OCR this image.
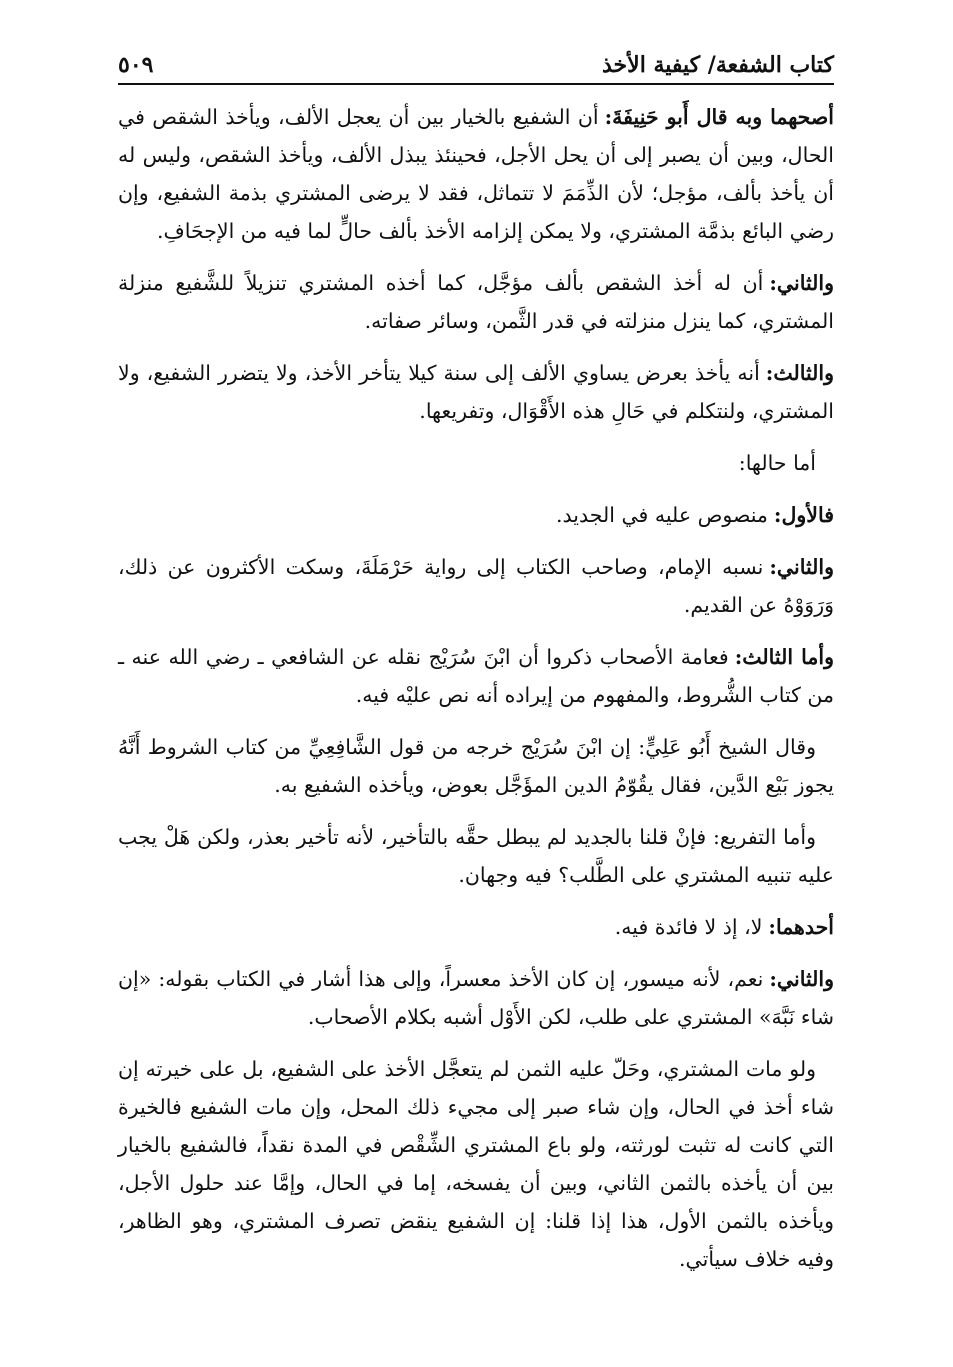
كتاب الشفعة/ كيفية الأخذ
٥٠٩

أصحهما وبه قال أَبو حَنِيفَةَ:أن الشفيع بالخيار بين أن يعجل الألف، ويأخذ الشقص في الحال، وبين أن يصبر إلى أن يحل الأجل، فحينئذ يبذل الألف، ويأخذ الشقص، وليس له أن يأخذ بألف، مؤجل؛ لأن الذِّمَمَ لا تتماثل، فقد لا يرضى المشتري بذمة الشفيع، وإن رضي البائع بذمَّة المشتري، ولا يمكن إلزامه الأخذ بألف حالٍّ لما فيه من الإجحَافِ.

والثاني:أن له أخذ الشقص بألف مؤجَّل، كما أخذه المشتري تنزيلاً للشَّفيع منزلة المشتري، كما ينزل منزلته في قدر الثَّمن، وسائر صفاته.

والثالث:أنه يأخذ بعرض يساوي الألف إلى سنة كيلا يتأخر الأخذ، ولا يتضرر الشفيع، ولا المشتري، ولنتكلم في حَالِ هذه الأَقْوَال، وتفريعها.

أما حالها:

فالأول:منصوص عليه في الجديد.

والثاني:نسبه الإمام، وصاحب الكتاب إلى رواية حَرْمَلَةَ، وسكت الأكثرون عن ذلك، وَرَوَوْهُ عن القديم.

وأما الثالث:فعامة الأصحاب ذكروا أن ابْنَ سُرَيْج نقله عن الشافعي ـ رضي الله عنه ـ من كتاب الشُّروط، والمفهوم من إيراده أنه نص عليْه فيه.

وقال الشيخ أَبُو عَلِيٍّ: إن ابْنَ سُرَيْج خرجه من قول الشَّافِعِيِّ من كتاب الشروط أَنَّهُ يجوز بَيْع الدَّين، فقال يقُوّمُ الدين المؤَجَّل بعوض، ويأخذه الشفيع به.

وأما التفريع: فإنْ قلنا بالجديد لم يبطل حقَّه بالتأخير، لأنه تأخير بعذر، ولكن هَلْ يجب عليه تنبيه المشتري على الطَّلب؟ فيه وجهان.

أحدهما:لا، إذ لا فائدة فيه.

والثاني:نعم، لأنه ميسور، إن كان الأخذ معسراً، وإلى هذا أشار في الكتاب بقوله: «إن شاء نَبَّهَ» المشتري على طلب، لكن الأَوْل أشبه بكلام الأصحاب.

ولو مات المشتري، وحَلّ عليه الثمن لم يتعجَّل الأخذ على الشفيع، بل على خيرته إن شاء أخذ في الحال، وإن شاء صبر إلى مجيء ذلك المحل، وإن مات الشفيع فالخيرة التي كانت له تثبت لورثته، ولو باع المشتري الشِّقْص في المدة نقداً، فالشفيع بالخيار بين أن يأخذه بالثمن الثاني، وبين أن يفسخه، إما في الحال، وإمَّا عند حلول الأجل، ويأخذه بالثمن الأول، هذا إذا قلنا: إن الشفيع ينقض تصرف المشتري، وهو الظاهر، وفيه خلاف سيأتي.
